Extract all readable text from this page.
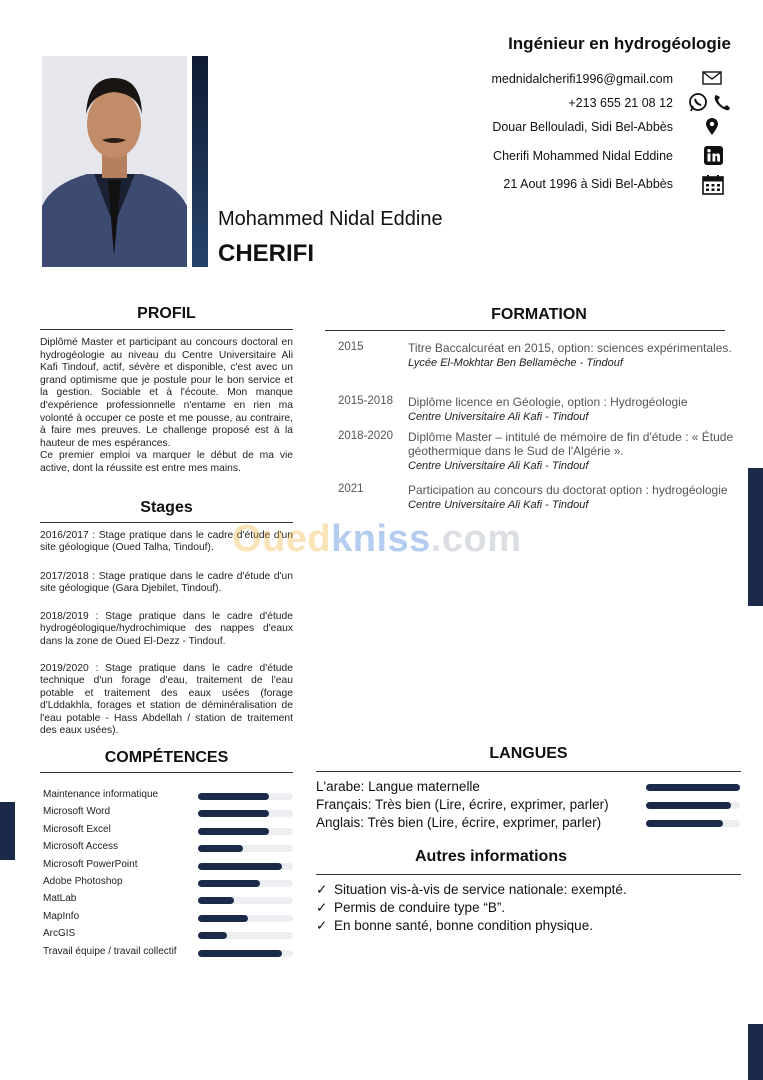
Ingénieur en hydrogéologie
Mohammed Nidal Eddine
CHERIFI
mednidalcherifi1996@gmail.com
+213 655 21 08 12
Douar Bellouladi, Sidi Bel-Abbès
Cherifi Mohammed Nidal Eddine
21 Aout 1996 à Sidi Bel-Abbès
PROFIL
Diplômé Master et participant au concours doctoral en hydrogéologie au niveau du Centre Universitaire Ali Kafi Tindouf, actif, sévère et disponible, c'est avec un grand optimisme que je postule pour le bon service et la gestion. Sociable et à l'écoute. Mon manque d'expérience professionnelle n'entame en rien ma volonté à occuper ce poste et me pousse, au contraire, à faire mes preuves. Le challenge proposé est à la hauteur de mes espérances.
Ce premier emploi va marquer le début de ma vie active, dont la réussite est entre mes mains.
FORMATION
2015	Titre Baccalcuréat en 2015, option: sciences expérimentales.
Lycée El-Mokhtar Ben Bellamèche - Tindouf
2015-2018	Diplôme licence en Géologie, option : Hydrogéologie
Centre Universitaire Ali Kafi - Tindouf
2018-2020	Diplôme Master – intitulé de mémoire de fin d'étude : « Étude géothermique dans le Sud de l'Algérie ».
Centre Universitaire Ali Kafi - Tindouf
2021	Participation au concours du doctorat option : hydrogéologie
Centre Universitaire Ali Kafi - Tindouf
Stages
2016/2017 : Stage pratique dans le cadre d'étude d'un site géologique (Oued Talha, Tindouf).
2017/2018 : Stage pratique dans le cadre d'étude d'un site géologique (Gara Djebilet, Tindouf).
2018/2019 : Stage pratique dans le cadre d'étude hydrogéologique/hydrochimique des nappes d'eaux dans la zone de Oued El-Dezz - Tindouf.
2019/2020 : Stage pratique dans le cadre d'étude technique d'un forage d'eau, traitement de l'eau potable et traitement des eaux usées (forage d'Lddakhla, forages et station de déminéralisation de l'eau potable - Hass Abdellah / station de traitement des eaux usées).
Ouedkniss.com
COMPÉTENCES
Maintenance informatique
Microsoft Word
Microsoft Excel
Microsoft Access
Microsoft PowerPoint
Adobe Photoshop
MatLab
MapInfo
ArcGIS
Travail équipe / travail collectif
LANGUES
L'arabe: Langue maternelle
Français: Très bien (Lire, écrire, exprimer, parler)
Anglais: Très bien (Lire, écrire, exprimer, parler)
Autres informations
✓ Situation vis-à-vis de service nationale: exempté.
✓ Permis de conduire type “B”.
✓ En bonne santé, bonne condition physique.
